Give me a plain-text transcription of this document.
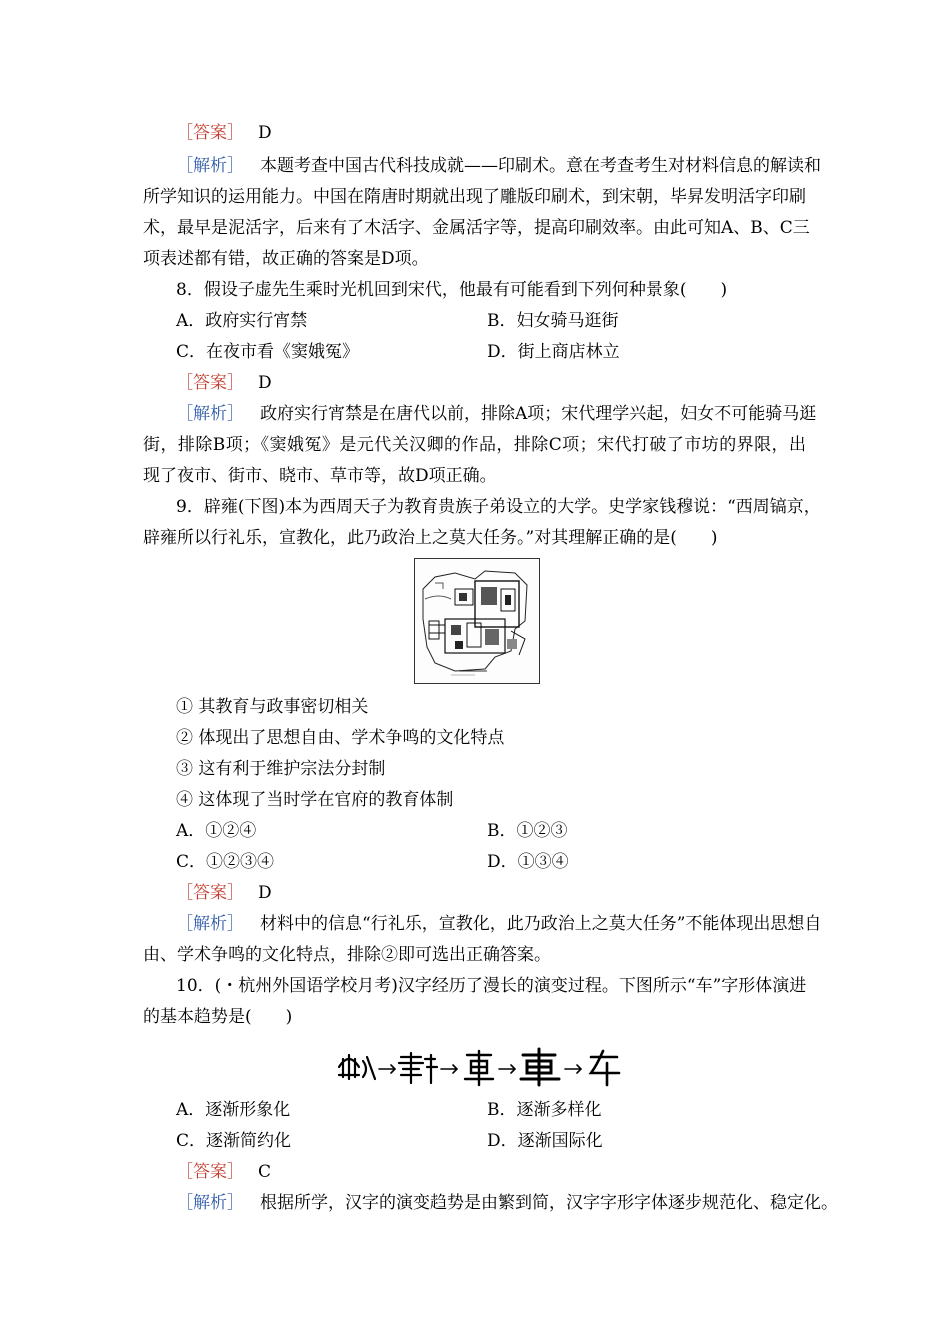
［答案］ D
［解析］ 本题考查中国古代科技成就——印刷术。意在考查考生对材料信息的解读和
所学知识的运用能力。中国在隋唐时期就出现了雕版印刷术，到宋朝，毕昇发明活字印刷
术，最早是泥活字，后来有了木活字、金属活字等，提高印刷效率。由此可知A、B、C三
项表述都有错，故正确的答案是D项。
8．假设子虚先生乘时光机回到宋代，他最有可能看到下列何种景象(　　)
A．政府实行宵禁	B．妇女骑马逛街
C．在夜市看《窦娥冤》	D．街上商店林立
［答案］ D
［解析］ 政府实行宵禁是在唐代以前，排除A项；宋代理学兴起，妇女不可能骑马逛
街，排除B项；《窦娥冤》是元代关汉卿的作品，排除C项；宋代打破了市坊的界限，出
现了夜市、街市、晓市、草市等，故D项正确。
9．辟雍(下图)本为西周天子为教育贵族子弟设立的大学。史学家钱穆说：“西周镐京，
辟雍所以行礼乐，宣教化，此乃政治上之莫大任务。”对其理解正确的是(　　)
① 其教育与政事密切相关
② 体现出了思想自由、学术争鸣的文化特点
③ 这有利于维护宗法分封制
④ 这体现了当时学在官府的教育体制
A．①②④	B．①②③
C．①②③④	D．①③④
［答案］ D
［解析］ 材料中的信息“行礼乐，宣教化，此乃政治上之莫大任务”不能体现出思想自
由、学术争鸣的文化特点，排除②即可选出正确答案。
10．(・杭州外国语学校月考)汉字经历了漫长的演变过程。下图所示“车”字形体演进
的基本趋势是(　　)
A．逐渐形象化	B．逐渐多样化
C．逐渐简约化	D．逐渐国际化
［答案］ C
［解析］ 根据所学，汉字的演变趋势是由繁到简，汉字字形字体逐步规范化、稳定化。
